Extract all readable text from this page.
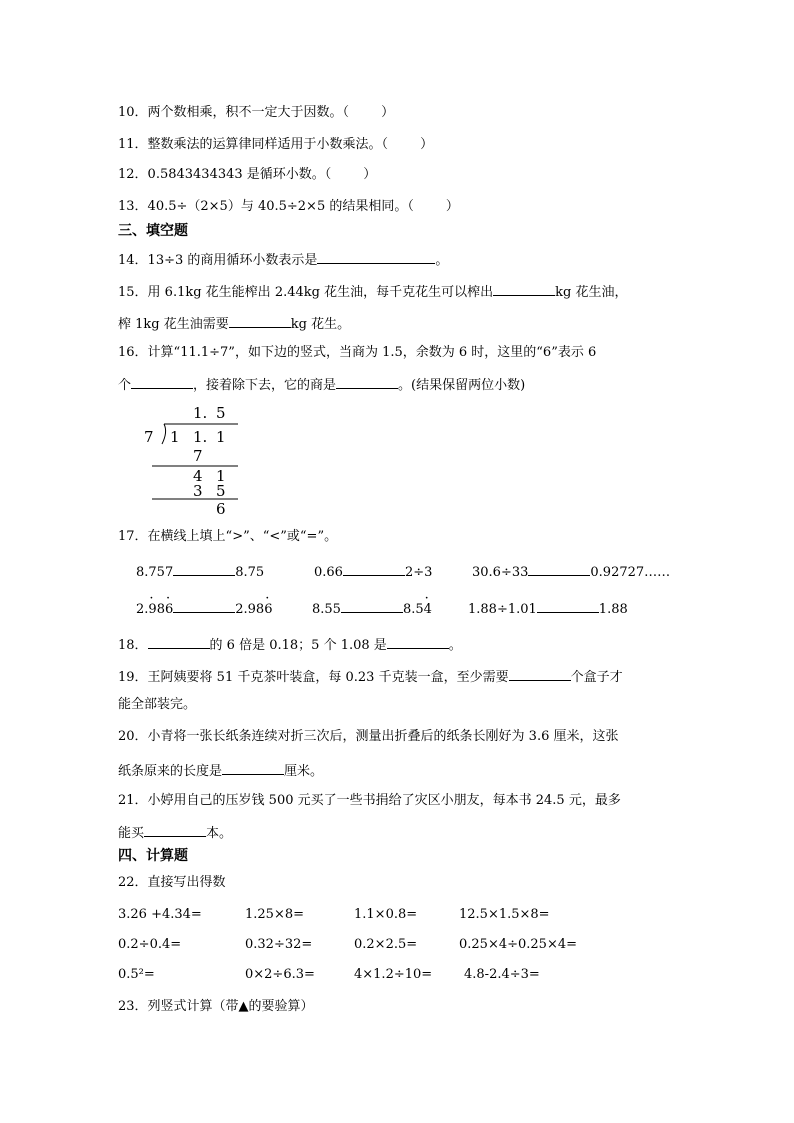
10．两个数相乘，积不一定大于因数。（ ）
11．整数乘法的运算律同样适用于小数乘法。（ ）
12．0.5843434343 是循环小数。（ ）
13．40.5÷（2×5）与 40.5÷2×5 的结果相同。（ ）
三、填空题
14．13÷3 的商用循环小数表示是	。
15．用 6.1kg 花生能榨出 2.44kg 花生油，每千克花生可以榨出	kg 花生油，
榨 1kg 花生油需要	kg 花生。
16．计算“11.1÷7”，如下边的竖式，当商为 1.5，余数为 6 时，这里的“6”表示 6
个	，接着除下去，它的商是	。(结果保留两位小数)
1. 5
7 1 1. 1
7
4 1
3 5
6
17．在横线上填上“>”、“<”或“=”。
8.757	8.75	0.66	2÷3	30.6÷33	0.92727……
2.· 98· 6	2.98· 6	8.55	8.5· 4	1.88÷1.01	1.88
18．	的 6 倍是 0.18；5 个 1.08 是	。
19．王阿姨要将 51 千克茶叶装盒，每 0.23 千克装一盒，至少需要	个盒子才
能全部装完。
20．小青将一张长纸条连续对折三次后，测量出折叠后的纸条长刚好为 3.6 厘米，这张
纸条原来的长度是	厘米。
21．小婷用自己的压岁钱 500 元买了一些书捐给了灾区小朋友，每本书 24.5 元，最多
能买	本。
四、计算题
22．直接写出得数
3.26 +4.34=	1.25×8=	1.1×0.8=	12.5×1.5×8=
0.2÷0.4=	0.32÷32=	0.2×2.5=	0.25×4÷0.25×4=
0.5²=	0×2÷6.3=	4×1.2÷10= 4.8-2.4÷3=
23．列竖式计算（带▲的要验算）
